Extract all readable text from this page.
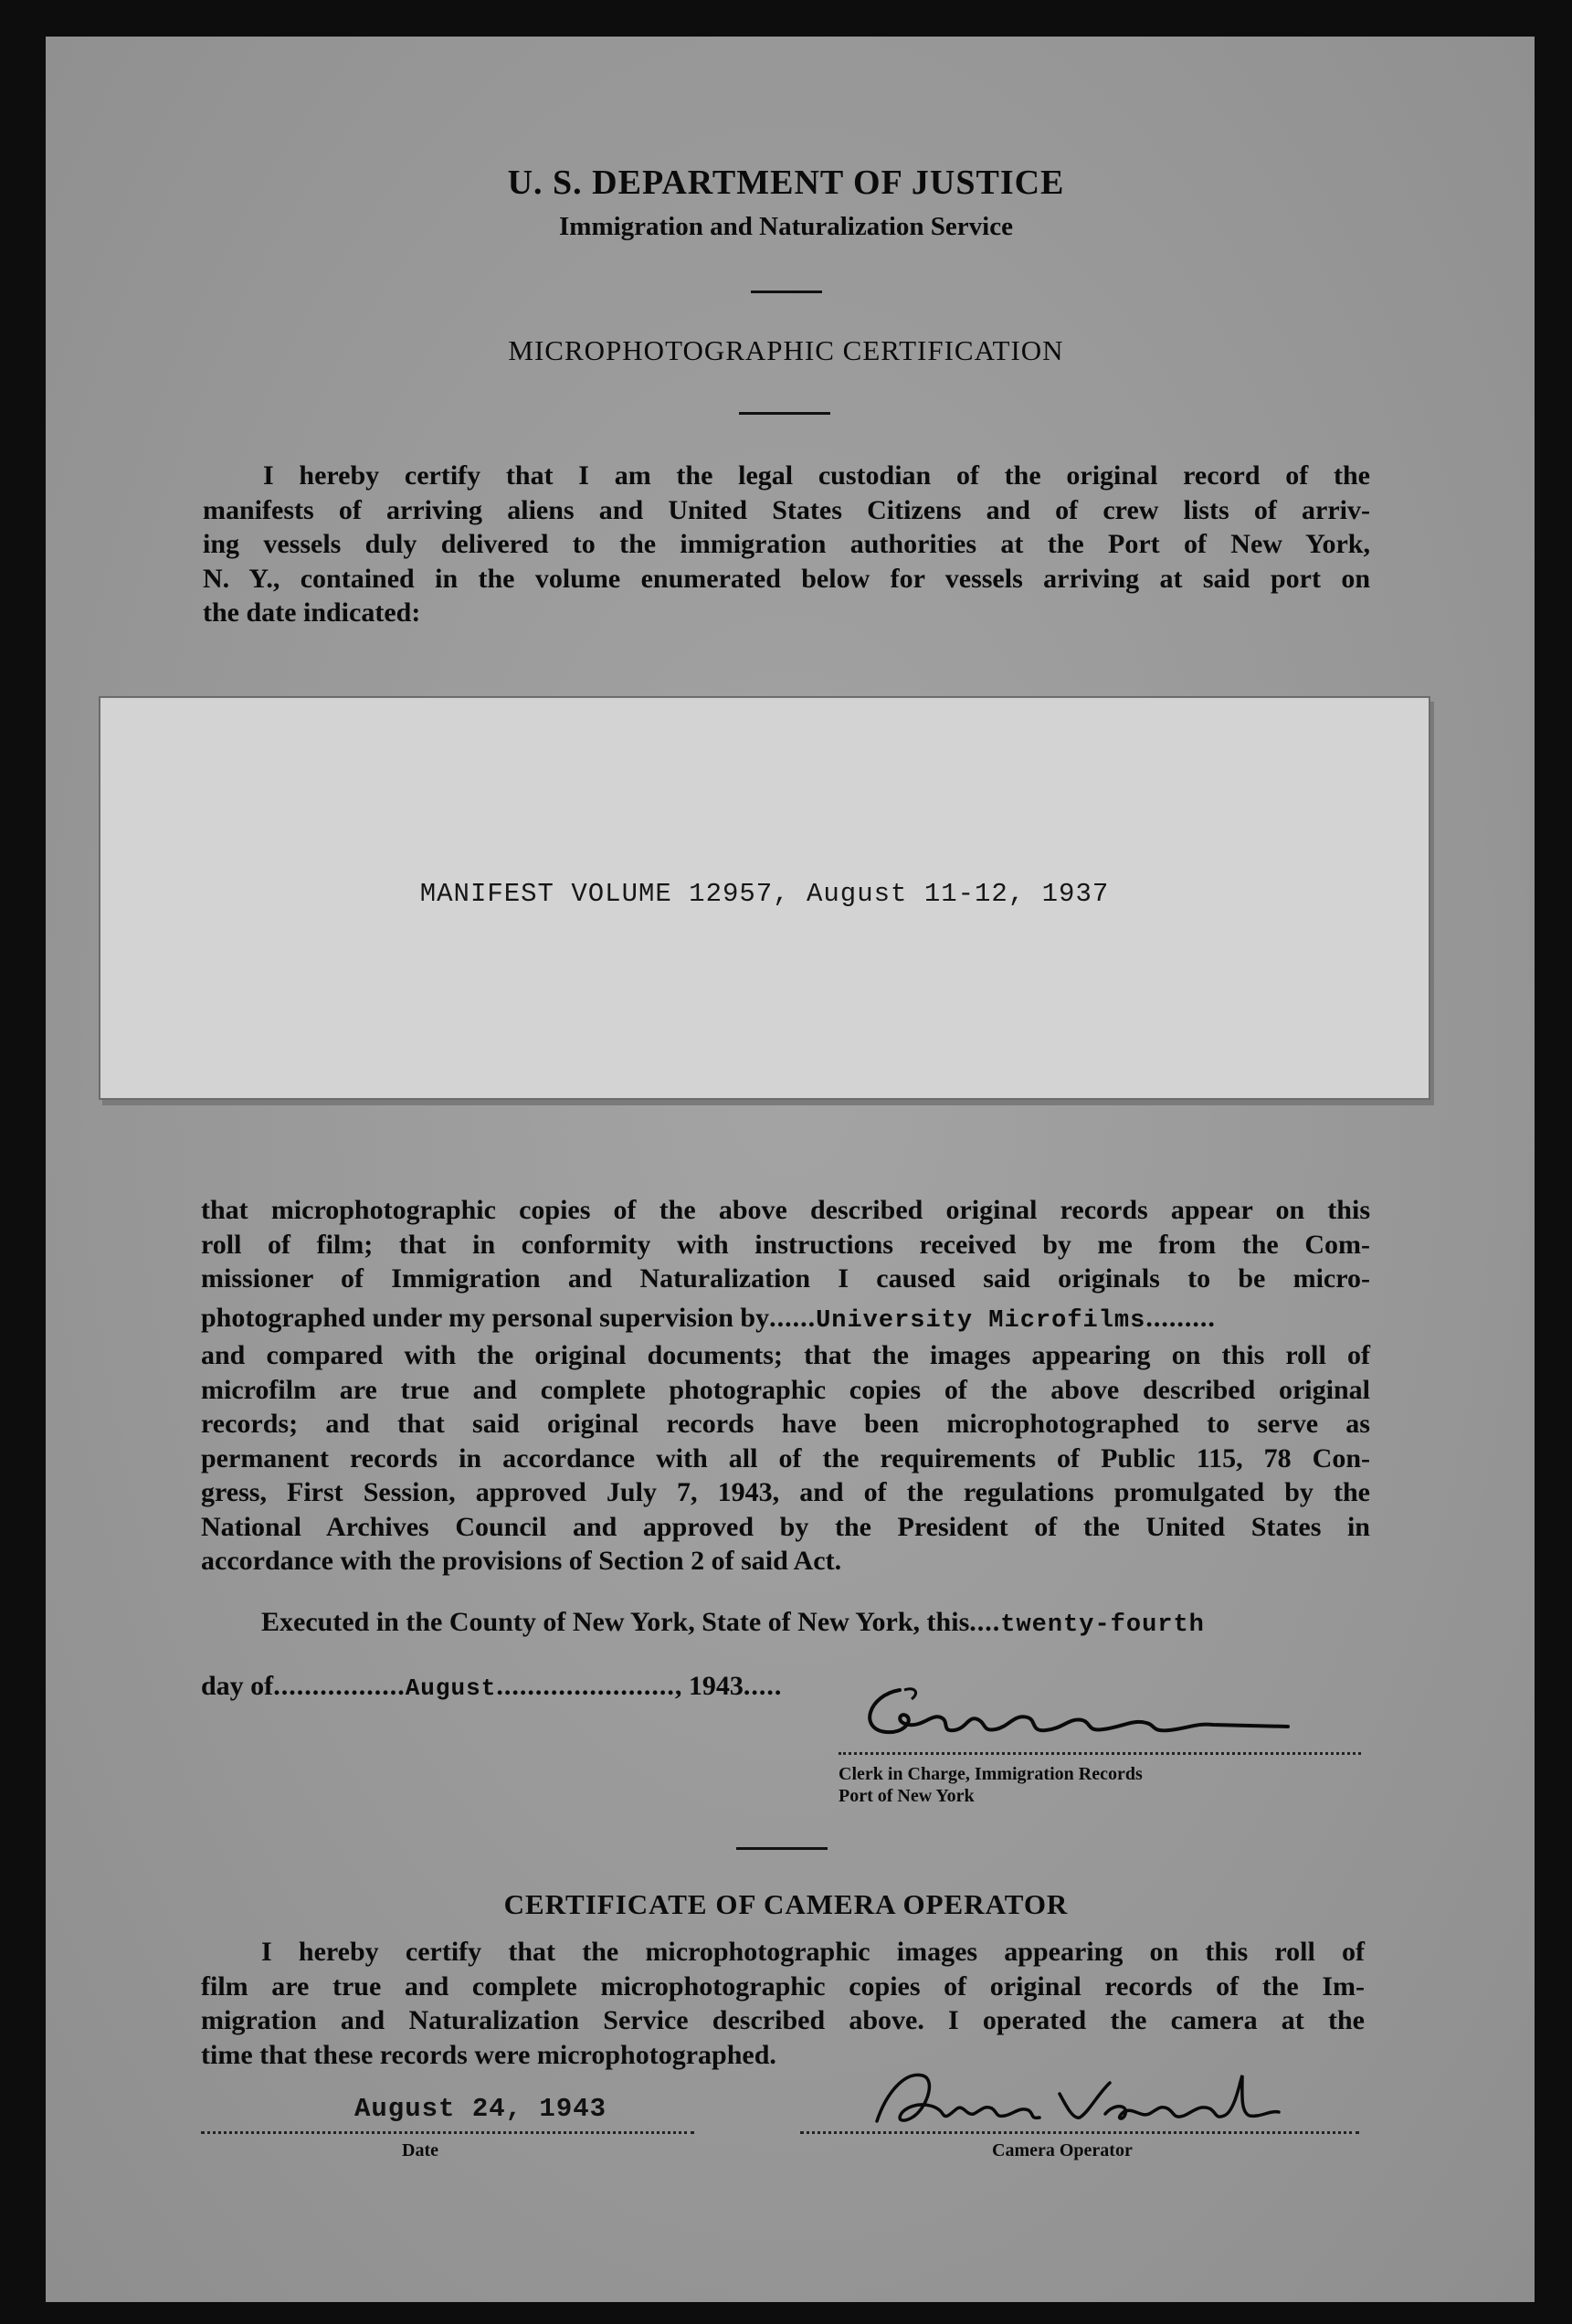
U. S. DEPARTMENT OF JUSTICE
Immigration and Naturalization Service
MICROPHOTOGRAPHIC CERTIFICATION
I hereby certify that I am the legal custodian of the original record of the
manifests of arriving aliens and United States Citizens and of crew lists of arriv-
ing vessels duly delivered to the immigration authorities at the Port of New York,
N. Y., contained in the volume enumerated below for vessels arriving at said port on
the date indicated:
MANIFEST VOLUME 12957, August 11-12, 1937
that microphotographic copies of the above described original records appear on this
roll of film; that in conformity with instructions received by me from the Com-
missioner of Immigration and Naturalization I caused said originals to be micro-
photographed under my personal supervision by......University Microfilms.........
and compared with the original documents; that the images appearing on this roll of
microfilm are true and complete photographic copies of the above described original
records; and that said original records have been microphotographed to serve as
permanent records in accordance with all of the requirements of Public 115, 78 Con-
gress, First Session, approved July 7, 1943, and of the regulations promulgated by the
National Archives Council and approved by the President of the United States in
accordance with the provisions of Section 2 of said Act.
Executed in the County of New York, State of New York, this....twenty-fourth
day of.................August......................., 1943.....
Clerk in Charge, Immigration Records
Port of New York
CERTIFICATE OF CAMERA OPERATOR
I hereby certify that the microphotographic images appearing on this roll of
film are true and complete microphotographic copies of original records of the Im-
migration and Naturalization Service described above. I operated the camera at the
time that these records were microphotographed.
August 24, 1943
Date	Camera Operator
